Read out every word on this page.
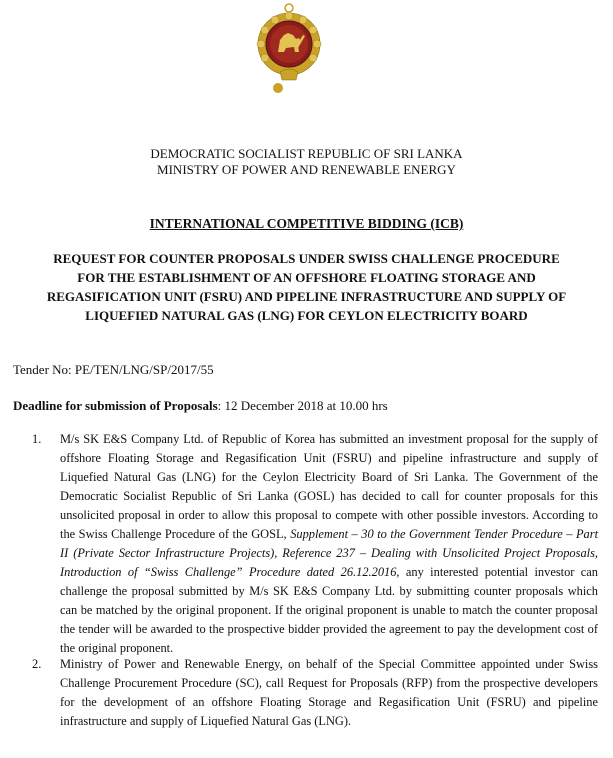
DEMOCRATIC SOCIALIST REPUBLIC OF SRI LANKA
MINISTRY OF POWER AND RENEWABLE ENERGY
INTERNATIONAL COMPETITIVE BIDDING (ICB)
REQUEST FOR COUNTER PROPOSALS UNDER SWISS CHALLENGE PROCEDURE
FOR THE ESTABLISHMENT OF AN OFFSHORE FLOATING STORAGE AND
REGASIFICATION UNIT (FSRU) AND PIPELINE INFRASTRUCTURE AND SUPPLY OF
LIQUEFIED NATURAL GAS (LNG) FOR CEYLON ELECTRICITY BOARD
Tender No: PE/TEN/LNG/SP/2017/55
Deadline for submission of Proposals: 12 December 2018 at 10.00 hrs
1. M/s SK E&S Company Ltd. of Republic of Korea has submitted an investment proposal for the supply of offshore Floating Storage and Regasification Unit (FSRU) and pipeline infrastructure and supply of Liquefied Natural Gas (LNG) for the Ceylon Electricity Board of Sri Lanka. The Government of the Democratic Socialist Republic of Sri Lanka (GOSL) has decided to call for counter proposals for this unsolicited proposal in order to allow this proposal to compete with other possible investors. According to the Swiss Challenge Procedure of the GOSL, Supplement – 30 to the Government Tender Procedure – Part II (Private Sector Infrastructure Projects), Reference 237 – Dealing with Unsolicited Project Proposals, Introduction of “Swiss Challenge” Procedure dated 26.12.2016, any interested potential investor can challenge the proposal submitted by M/s SK E&S Company Ltd. by submitting counter proposals which can be matched by the original proponent. If the original proponent is unable to match the counter proposal the tender will be awarded to the prospective bidder provided the agreement to pay the development cost of the original proponent.
2. Ministry of Power and Renewable Energy, on behalf of the Special Committee appointed under Swiss Challenge Procurement Procedure (SC), call Request for Proposals (RFP) from the prospective developers for the development of an offshore Floating Storage and Regasification Unit (FSRU) and pipeline infrastructure and supply of Liquefied Natural Gas (LNG).
